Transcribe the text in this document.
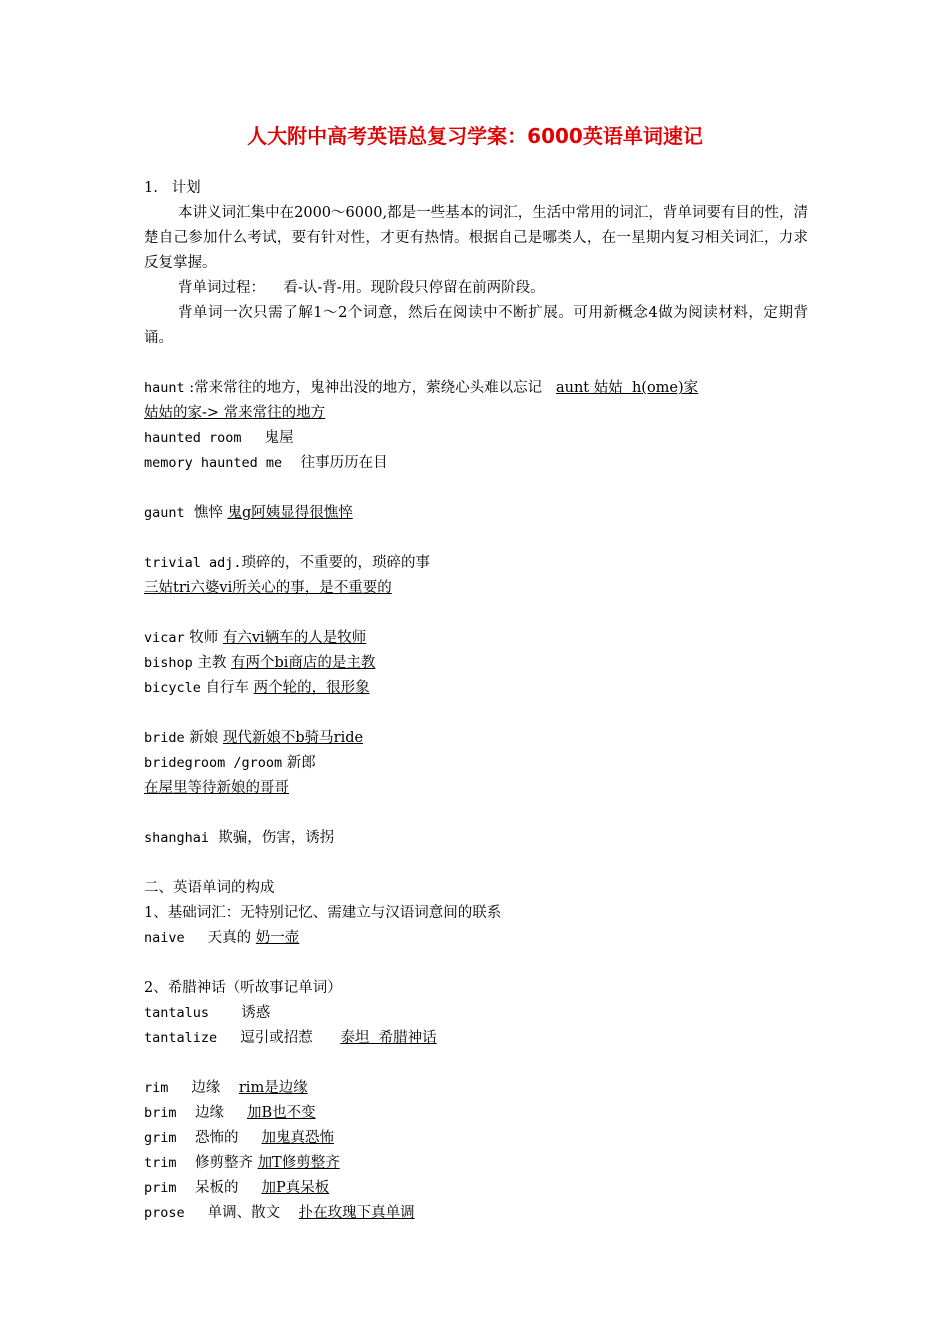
人大附中高考英语总复习学案：6000英语单词速记
1.   计划
本讲义词汇集中在2000～6000,都是一些基本的词汇，生活中常用的词汇，背单词要有目的性，清楚自己参加什么考试，要有针对性，才更有热情。根据自己是哪类人，在一星期内复习相关词汇，力求反复掌握。
背单词过程：    看-认-背-用。现阶段只停留在前两阶段。
背单词一次只需了解1～2个词意，然后在阅读中不断扩展。可用新概念4做为阅读材料，定期背诵。
haunt :常来常往的地方，鬼神出没的地方，萦绕心头难以忘记   aunt 姑姑  h(ome)家
姑姑的家-> 常来常往的地方
haunted room     鬼屋
memory haunted me    往事历历在目
gaunt  憔悴 鬼g阿姨显得很憔悴
trivial adj.琐碎的，不重要的，琐碎的事
三姑tri六婆vi所关心的事，是不重要的
vicar 牧师 有六vi辆车的人是牧师
bishop 主教 有两个bi商店的是主教
bicycle 自行车 两个轮的，很形象
bride 新娘 现代新娘不b骑马ride
bridegroom /groom 新郎
在屋里等待新娘的哥哥
shanghai  欺骗，伤害，诱拐
二、英语单词的构成
1、基础词汇：无特别记忆、需建立与汉语词意间的联系
naive     天真的 奶一壶
2、希腊神话（听故事记单词）
tantalus       诱惑
tantalize     逗引或招惹      泰坦  希腊神话
rim     边缘    rim是边缘
brim    边缘     加B也不变
grim    恐怖的     加鬼真恐怖
trim    修剪整齐 加T修剪整齐
prim    呆板的     加P真呆板
prose     单调、散文    扑在玫瑰下真单调
